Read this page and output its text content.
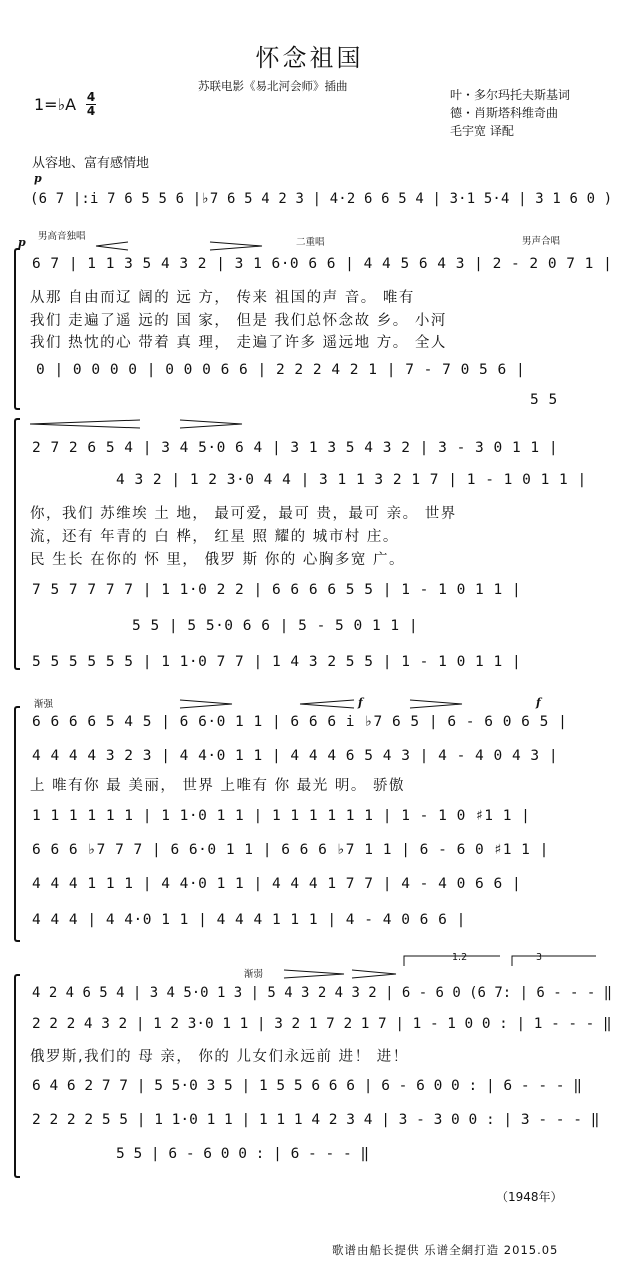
怀念祖国
苏联电影《易北河会师》插曲
1=♭A 4
4
叶・多尔玛托夫斯基词
德・肖斯塔科维奇曲
毛宇宽 译配
从容地、富有感情地
p
(6 7 |:i 7 6 5 5 6 |♭7 6 5 4 2 3 | 4·2 6 6 5 4 | 3·1 5·4 | 3 1 6 0 )
p 男高音独唱
二重唱	男声合唱
6 7 | 1 1 3 5 4 3 2 | 3 1 6·0 6 6 | 4 4 5 6 4 3 | 2 - 2 0 7 1 |
从那 自由而辽 阔的 远 方， 传来 祖国的声 音。 唯有
我们 走遍了遥 远的 国 家， 但是 我们总怀念故 乡。 小河
我们 热忱的心 带着 真 理， 走遍了许多 遥远地 方。 全人
0 | 0 0 0 0 | 0 0 0 6 6 | 2 2 2 4 2 1 | 7 - 7 0 5 6 |
5 5
2 7 2 6 5 4 | 3 4 5·0 6 4 | 3 1 3 5 4 3 2 | 3 - 3 0 1 1 |
4 3 2 | 1 2 3·0 4 4 | 3 1 1 3 2 1 7 | 1 - 1 0 1 1 |
你，我们 苏维埃 土 地， 最可爱，最可 贵，最可 亲。 世界
流，还有 年青的 白 桦， 红星 照 耀的 城市村 庄。
民 生长 在你的 怀 里， 俄罗 斯 你的 心胸多宽 广。
7 5 7 7 7 7 | 1 1·0 2 2 | 6 6 6 6 5 5 | 1 - 1 0 1 1 |
5 5 | 5 5·0 6 6 | 5 - 5 0 1 1 |
5 5 5 5 5 5 | 1 1·0 7 7 | 1 4 3 2 5 5 | 1 - 1 0 1 1 |
渐强	f	f
6 6 6 6 5 4 5 | 6 6·0 1 1 | 6 6 6 i ♭7 6 5 | 6 - 6 0 6 5 |
4 4 4 4 3 2 3 | 4 4·0 1 1 | 4 4 4 6 5 4 3 | 4 - 4 0 4 3 |
上 唯有你 最 美丽， 世界 上唯有 你 最光 明。 骄傲
1 1 1 1 1 1 | 1 1·0 1 1 | 1 1 1 1 1 1 | 1 - 1 0 ♯1 1 |
6 6 6 ♭7 7 7 | 6 6·0 1 1 | 6 6 6 ♭7 1 1 | 6 - 6 0 ♯1 1 |
4 4 4 1 1 1 | 4 4·0 1 1 | 4 4 4 1 7 7 | 4 - 4 0 6 6 |
4 4 4 | 4 4·0 1 1 | 4 4 4 1 1 1 | 4 - 4 0 6 6 |
渐弱
1.2	3
4 2 4 6 5 4 | 3 4 5·0 1 3 | 5 4 3 2 4 3 2 | 6 - 6 0 (6 7: | 6 - - - ‖
2 2 2 4 3 2 | 1 2 3·0 1 1 | 3 2 1 7 2 1 7 | 1 - 1 0 0 : | 1 - - - ‖
俄罗斯,我们的 母 亲， 你的 儿女们永远前 进！ 进！
6 4 6 2 7 7 | 5 5·0 3 5 | 1 5 5 6 6 6 | 6 - 6 0 0 : | 6 - - - ‖
2 2 2 2 5 5 | 1 1·0 1 1 | 1 1 1 4 2 3 4 | 3 - 3 0 0 : | 3 - - - ‖
5 5 | 6 - 6 0 0 : | 6 - - - ‖
（1948年）
歌谱由船长提供 乐谱全網打造 2015.05
